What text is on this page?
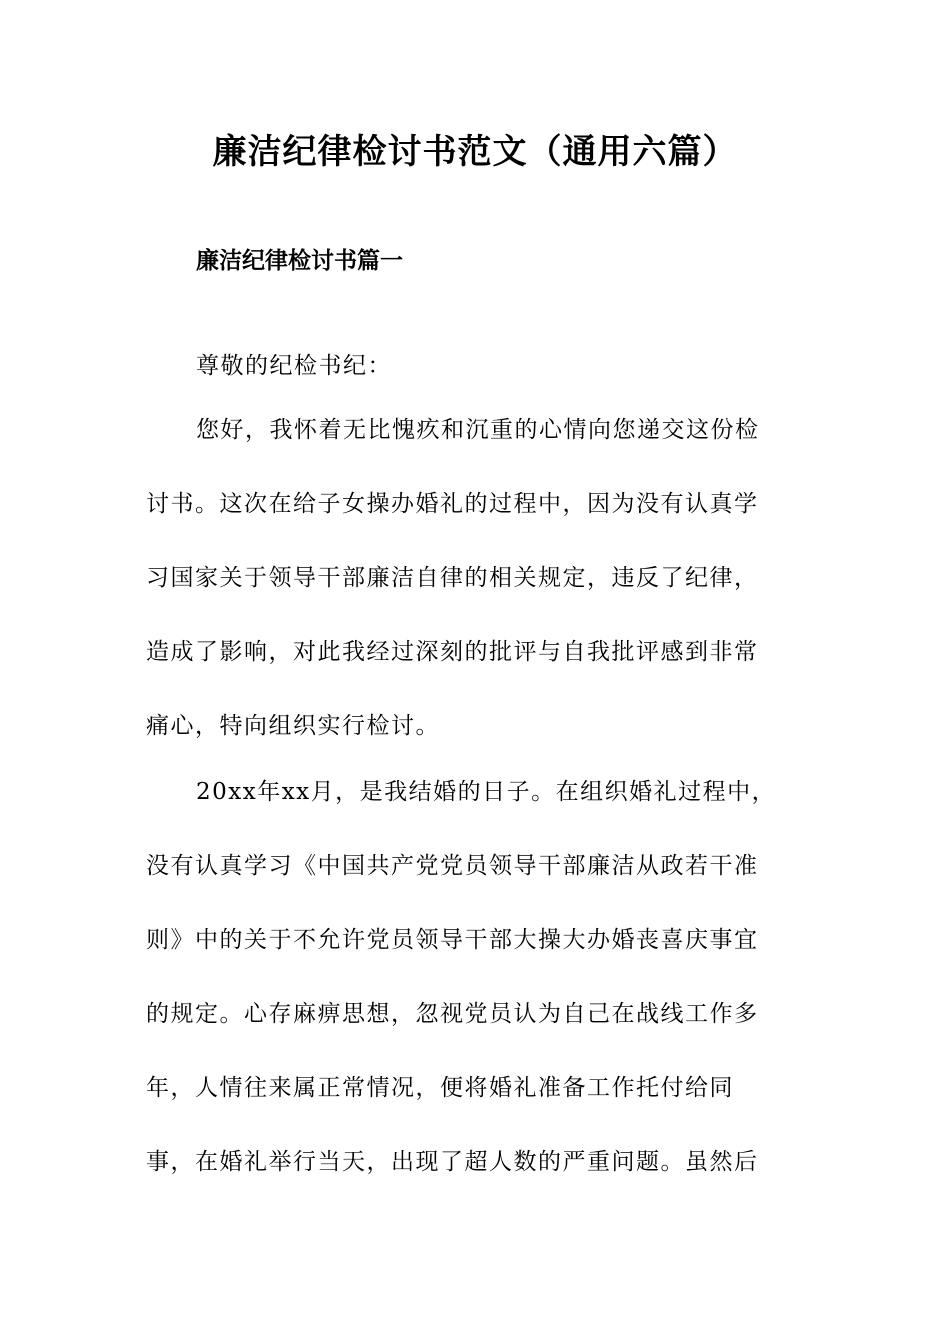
廉洁纪律检讨书范文（通用六篇）
廉洁纪律检讨书篇一

尊敬的纪检书纪：

您好，我怀着无比愧疚和沉重的心情向您递交这份检

讨书。这次在给子女操办婚礼的过程中，因为没有认真学

习国家关于领导干部廉洁自律的相关规定，违反了纪律，

造成了影响，对此我经过深刻的批评与自我批评感到非常

痛心，特向组织实行检讨。

20xx年xx月，是我结婚的日子。在组织婚礼过程中，

没有认真学习《中国共产党党员领导干部廉洁从政若干准

则》中的关于不允许党员领导干部大操大办婚丧喜庆事宜

的规定。心存麻痹思想，忽视党员认为自己在战线工作多

年，人情往来属正常情况，便将婚礼准备工作托付给同

事，在婚礼举行当天，出现了超人数的严重问题。虽然后
